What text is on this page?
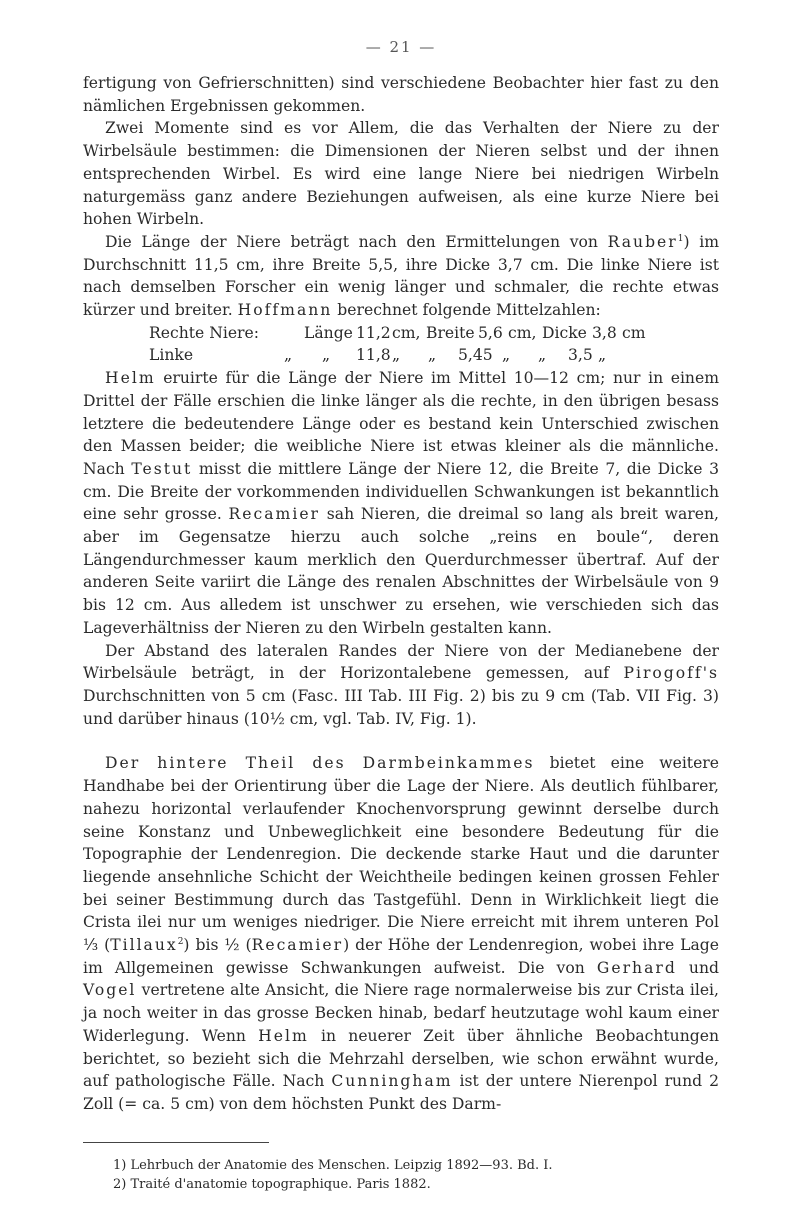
— 21 —

fertigung von Gefrierschnitten) sind verschiedene Beobachter hier fast zu den nämlichen Ergebnissen gekommen.

Zwei Momente sind es vor Allem, die das Verhalten der Niere zu der Wirbelsäule bestimmen: die Dimensionen der Nieren selbst und der ihnen entsprechenden Wirbel. Es wird eine lange Niere bei niedrigen Wirbeln naturgemäss ganz andere Beziehungen aufweisen, als eine kurze Niere bei hohen Wirbeln.

Die Länge der Niere beträgt nach den Ermittelungen von Rauber$^1$) im Durchschnitt 11,5 cm, ihre Breite 5,5, ihre Dicke 3,7 cm. Die linke Niere ist nach demselben Forscher ein wenig länger und schmaler, die rechte etwas kürzer und breiter. Hoffmann berechnet folgende Mittelzahlen:

Rechte Niere:	Länge 11,2 cm, Breite 5,6 cm, Dicke 3,8 cm
Linke	„	„	11,8 „	„	5,45 „	„	3,5 „

Helm eruirte für die Länge der Niere im Mittel 10—12 cm; nur in einem Drittel der Fälle erschien die linke länger als die rechte, in den übrigen besass letztere die bedeutendere Länge oder es bestand kein Unterschied zwischen den Massen beider; die weibliche Niere ist etwas kleiner als die männliche. Nach Testut misst die mittlere Länge der Niere 12, die Breite 7, die Dicke 3 cm. Die Breite der vorkommenden individuellen Schwankungen ist bekanntlich eine sehr grosse. Recamier sah Nieren, die dreimal so lang als breit waren, aber im Gegensatze hierzu auch solche „reins en boule“, deren Längendurchmesser kaum merklich den Querdurchmesser übertraf. Auf der anderen Seite variirt die Länge des renalen Abschnittes der Wirbelsäule von 9 bis 12 cm. Aus alledem ist unschwer zu ersehen, wie verschieden sich das Lageverhältniss der Nieren zu den Wirbeln gestalten kann.

Der Abstand des lateralen Randes der Niere von der Medianebene der Wirbelsäule beträgt, in der Horizontalebene gemessen, auf Pirogoff's Durchschnitten von 5 cm (Fasc. III Tab. III Fig. 2) bis zu 9 cm (Tab. VII Fig. 3) und darüber hinaus (10½ cm, vgl. Tab. IV, Fig. 1).

Der hintere Theil des Darmbeinkammes bietet eine weitere Handhabe bei der Orientirung über die Lage der Niere. Als deutlich fühlbarer, nahezu horizontal verlaufender Knochenvorsprung gewinnt derselbe durch seine Konstanz und Unbeweglichkeit eine besondere Bedeutung für die Topographie der Lendenregion. Die deckende starke Haut und die darunter liegende ansehnliche Schicht der Weichtheile bedingen keinen grossen Fehler bei seiner Bestimmung durch das Tastgefühl. Denn in Wirklichkeit liegt die Crista ilei nur um weniges niedriger. Die Niere erreicht mit ihrem unteren Pol ⅓ (Tillaux$^2$) bis ½ (Recamier) der Höhe der Lendenregion, wobei ihre Lage im Allgemeinen gewisse Schwankungen aufweist. Die von Gerhard und Vogel vertretene alte Ansicht, die Niere rage normalerweise bis zur Crista ilei, ja noch weiter in das grosse Becken hinab, bedarf heutzutage wohl kaum einer Widerlegung. Wenn Helm in neuerer Zeit über ähnliche Beobachtungen berichtet, so bezieht sich die Mehrzahl derselben, wie schon erwähnt wurde, auf pathologische Fälle. Nach Cunningham ist der untere Nierenpol rund 2 Zoll (= ca. 5 cm) von dem höchsten Punkt des Darm-

1) Lehrbuch der Anatomie des Menschen. Leipzig 1892—93. Bd. I.
2) Traité d'anatomie topographique. Paris 1882.
